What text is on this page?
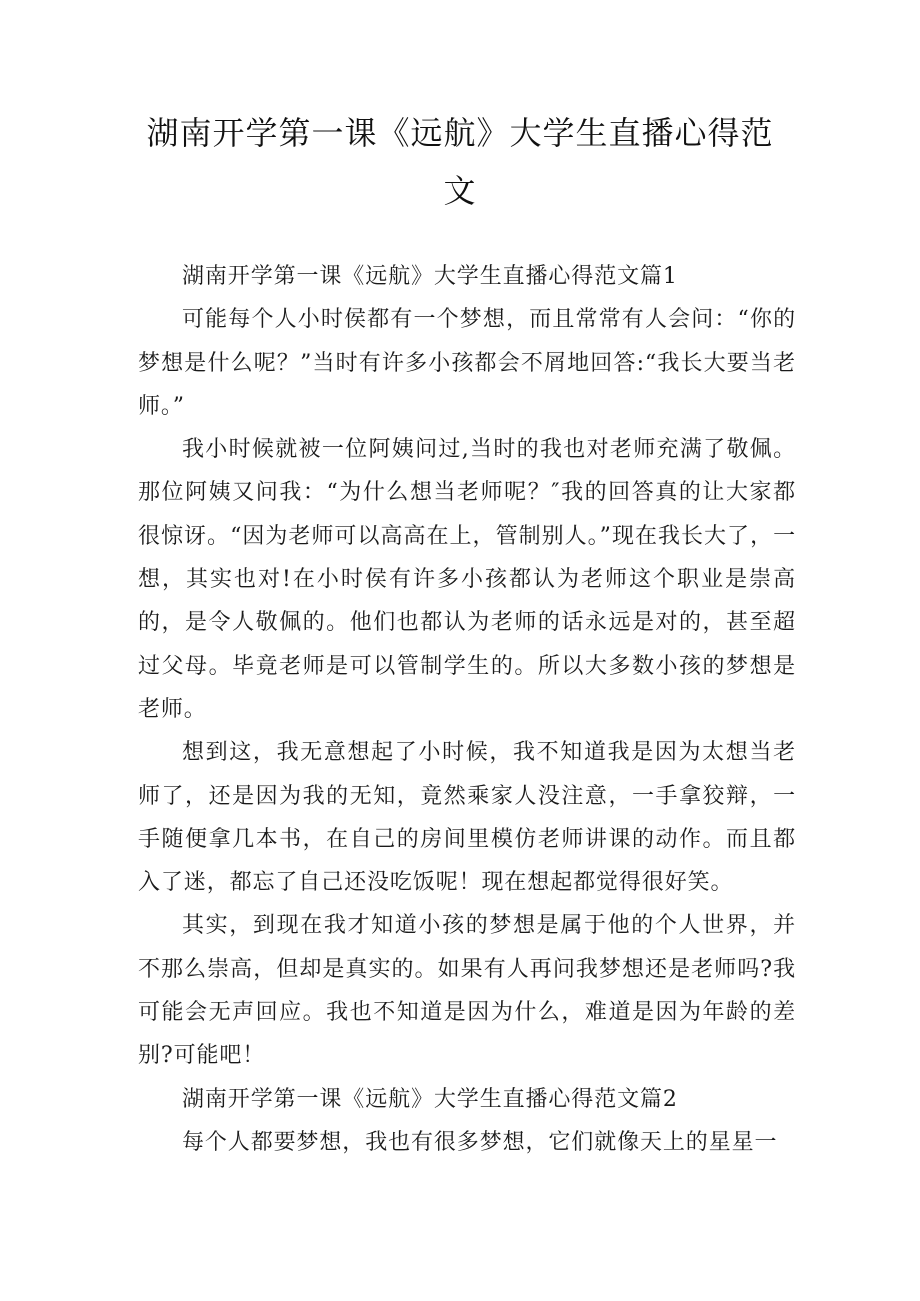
湖南开学第一课《远航》大学生直播心得范文

湖南开学第一课《远航》大学生直播心得范文篇1

可能每个人小时侯都有一个梦想，而且常常有人会问：“你的梦想是什么呢？”当时有许多小孩都会不屑地回答:“我长大要当老师。”

我小时候就被一位阿姨问过,当时的我也对老师充满了敬佩。那位阿姨又问我：“为什么想当老师呢？″我的回答真的让大家都很惊讶。“因为老师可以高高在上，管制别人。”现在我长大了，一想，其实也对!在小时侯有许多小孩都认为老师这个职业是崇高的，是令人敬佩的。他们也都认为老师的话永远是对的，甚至超过父母。毕竟老师是可以管制学生的。所以大多数小孩的梦想是老师。

想到这，我无意想起了小时候，我不知道我是因为太想当老师了，还是因为我的无知，竟然乘家人没注意，一手拿狡辩，一手随便拿几本书，在自己的房间里模仿老师讲课的动作。而且都入了迷，都忘了自己还没吃饭呢！现在想起都觉得很好笑。

其实，到现在我才知道小孩的梦想是属于他的个人世界，并不那么崇高，但却是真实的。如果有人再问我梦想还是老师吗?我可能会无声回应。我也不知道是因为什么，难道是因为年龄的差别?可能吧！

湖南开学第一课《远航》大学生直播心得范文篇2

每个人都要梦想，我也有很多梦想，它们就像天上的星星一
